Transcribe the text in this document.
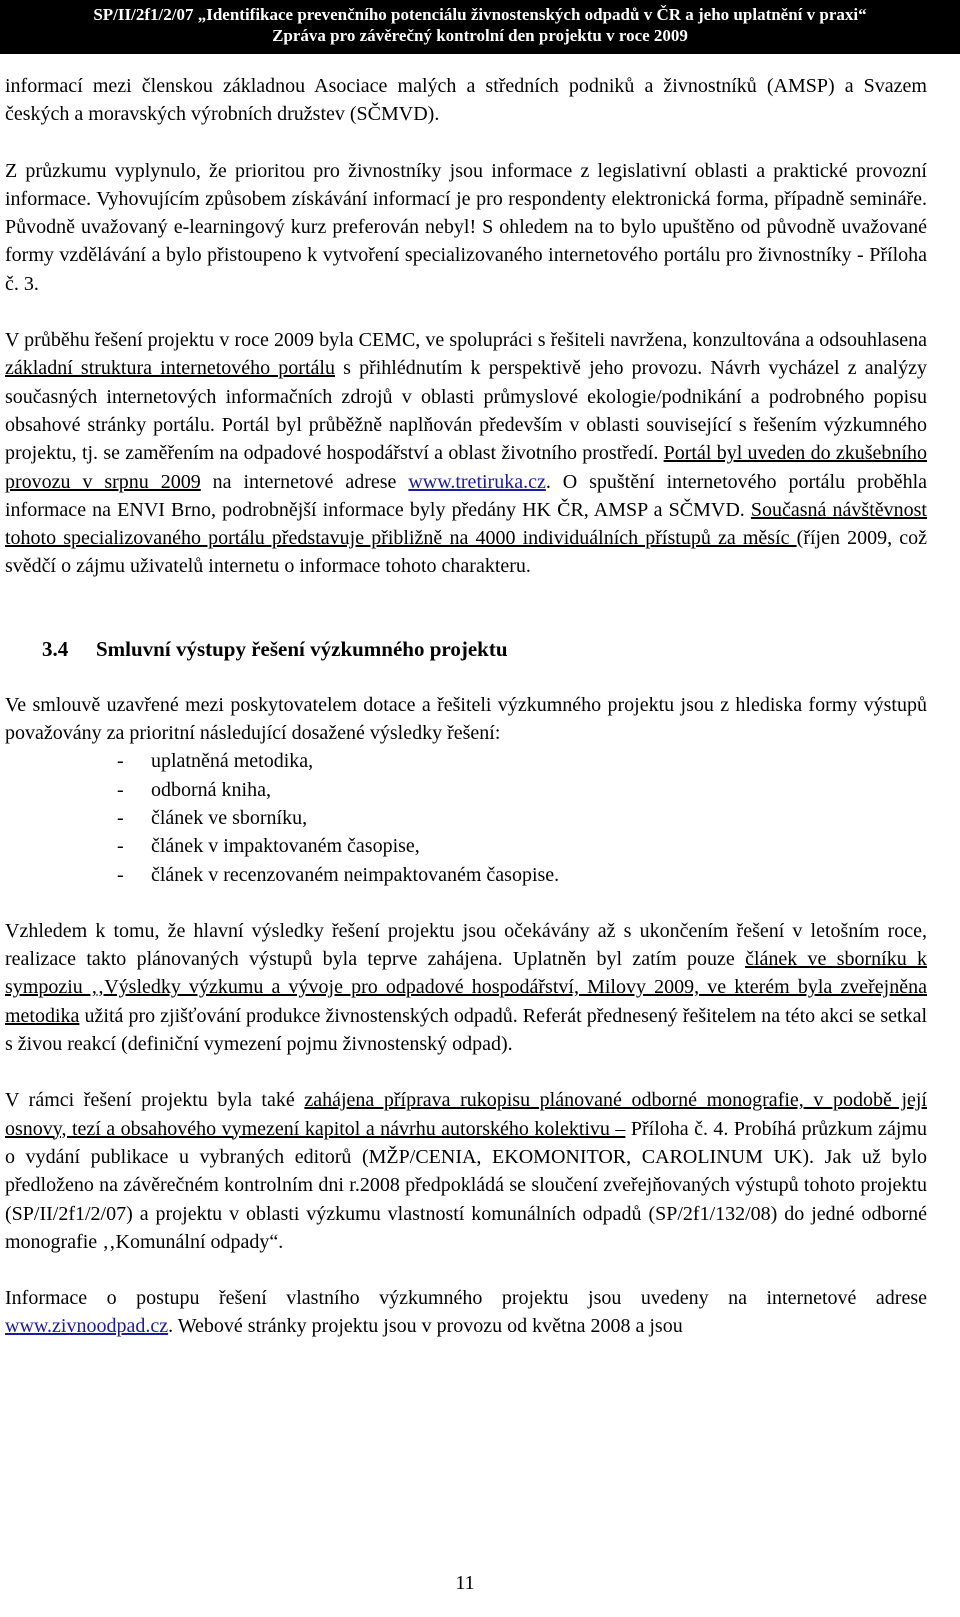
SP/II/2f1/2/07 „Identifikace prevenčního potenciálu živnostenských odpadů v ČR a jeho uplatnění v praxi“
Zpráva pro závěrečný kontrolní den projektu v roce 2009

informací mezi členskou základnou Asociace malých a středních podniků a živnostníků (AMSP) a Svazem českých a moravských výrobních družstev (SČMVD).

Z průzkumu vyplynulo, že prioritou pro živnostníky jsou informace z legislativní oblasti a praktické provozní informace. Vyhovujícím způsobem získávání informací je pro respondenty elektronická forma, případně semináře. Původně uvažovaný e-learningový kurz preferován nebyl! S ohledem na to bylo upuštěno od původně uvažované formy vzdělávání a bylo přistoupeno k vytvoření specializovaného internetového portálu pro živnostníky - Příloha č. 3.

V průběhu řešení projektu v roce 2009 byla CEMC, ve spolupráci s řešiteli navržena, konzultována a odsouhlasena základní struktura internetového portálu s přihlédnutím k perspektivě jeho provozu. Návrh vycházel z analýzy současných internetových informačních zdrojů v oblasti průmyslové ekologie/podnikání a podrobného popisu obsahové stránky portálu. Portál byl průběžně naplňován především v oblasti související s řešením výzkumného projektu, tj. se zaměřením na odpadové hospodářství a oblast životního prostředí. Portál byl uveden do zkušebního provozu v srpnu 2009 na internetové adrese www.tretiruka.cz. O spuštění internetového portálu proběhla informace na ENVI Brno, podrobnější informace byly předány HK ČR, AMSP a SČMVD. Současná návštěvnost tohoto specializovaného portálu představuje přibližně na 4000 individuálních přístupů za měsíc (říjen 2009, což svědčí o zájmu uživatelů internetu o informace tohoto charakteru.

3.4 Smluvní výstupy řešení výzkumného projektu

Ve smlouvě uzavřené mezi poskytovatelem dotace a řešiteli výzkumného projektu jsou z hlediska formy výstupů považovány za prioritní následující dosažené výsledky řešení:

- uplatněná metodika,
- odborná kniha,
- článek ve sborníku,
- článek v impaktovaném časopise,
- článek v recenzovaném neimpaktovaném časopise.

Vzhledem k tomu, že hlavní výsledky řešení projektu jsou očekávány až s ukončením řešení v letošním roce, realizace takto plánovaných výstupů byla teprve zahájena. Uplatněn byl zatím pouze článek ve sborníku k sympoziu ‚‚Výsledky výzkumu a vývoje pro odpadové hospodářství, Milovy 2009, ve kterém byla zveřejněna metodika užitá pro zjišťování produkce živnostenských odpadů. Referát přednesený řešitelem na této akci se setkal s živou reakcí (definiční vymezení pojmu živnostenský odpad).

V rámci řešení projektu byla také zahájena příprava rukopisu plánované odborné monografie, v podobě její osnovy, tezí a obsahového vymezení kapitol a návrhu autorského kolektivu – Příloha č. 4. Probíhá průzkum zájmu o vydání publikace u vybraných editorů (MŽP/CENIA, EKOMONITOR, CAROLINUM UK). Jak už bylo předloženo na závěrečném kontrolním dni r.2008 předpokládá se sloučení zveřejňovaných výstupů tohoto projektu (SP/II/2f1/2/07) a projektu v oblasti výzkumu vlastností komunálních odpadů (SP/2f1/132/08) do jedné odborné monografie ‚‚Komunální odpady“.

Informace o postupu řešení vlastního výzkumného projektu jsou uvedeny na internetové adrese www.zivnoodpad.cz. Webové stránky projektu jsou v provozu od května 2008 a jsou

11
